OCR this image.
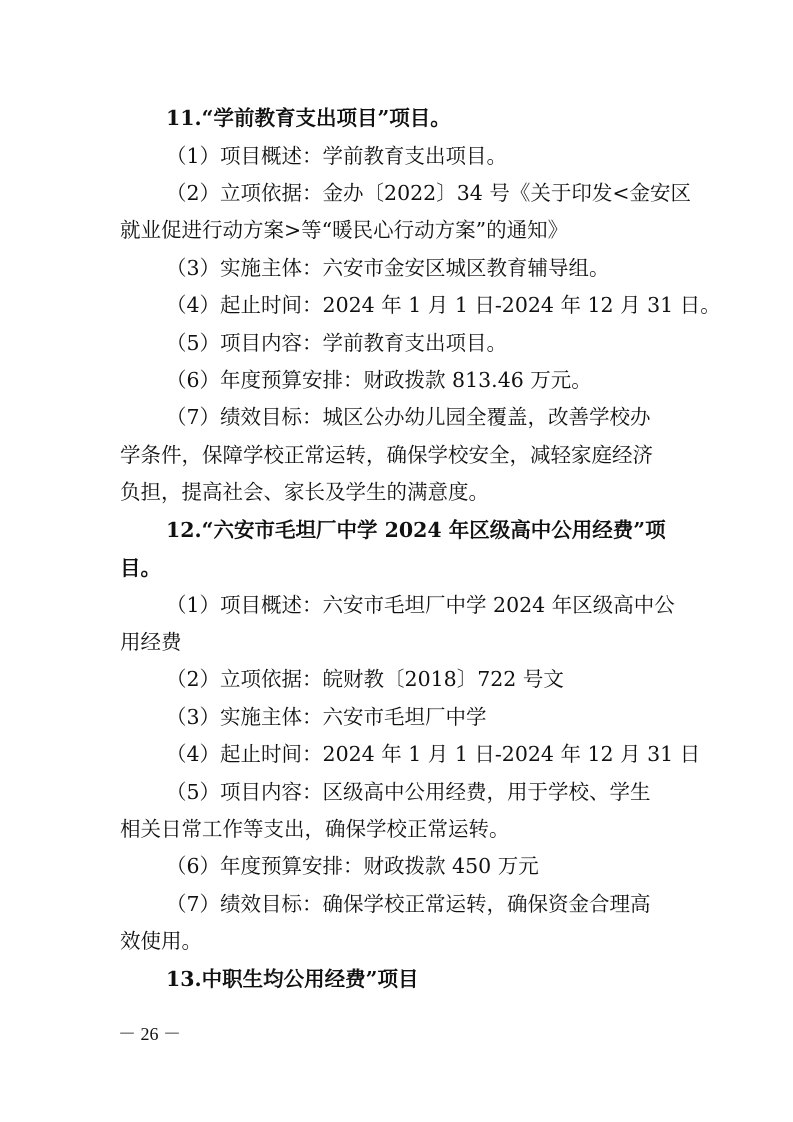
11.“学前教育支出项目”项目。
（1）项目概述：学前教育支出项目。
（2）立项依据：金办〔2022〕34 号《关于印发<金安区
就业促进行动方案>等“暖民心行动方案”的通知》
（3）实施主体：六安市金安区城区教育辅导组。
（4）起止时间：2024 年 1 月 1 日-2024 年 12 月 31 日。
（5）项目内容：学前教育支出项目。
（6）年度预算安排：财政拨款 813.46 万元。
（7）绩效目标：城区公办幼儿园全覆盖，改善学校办
学条件，保障学校正常运转，确保学校安全，减轻家庭经济
负担，提高社会、家长及学生的满意度。
12.“六安市毛坦厂中学 2024 年区级高中公用经费”项
目。
（1）项目概述：六安市毛坦厂中学 2024 年区级高中公
用经费
（2）立项依据：皖财教〔2018〕722 号文
（3）实施主体：六安市毛坦厂中学
（4）起止时间：2024 年 1 月 1 日-2024 年 12 月 31 日
（5）项目内容：区级高中公用经费，用于学校、学生
相关日常工作等支出，确保学校正常运转。
（6）年度预算安排：财政拨款 450 万元
（7）绩效目标：确保学校正常运转，确保资金合理高
效使用。
13.中职生均公用经费”项目
－ 26 －
